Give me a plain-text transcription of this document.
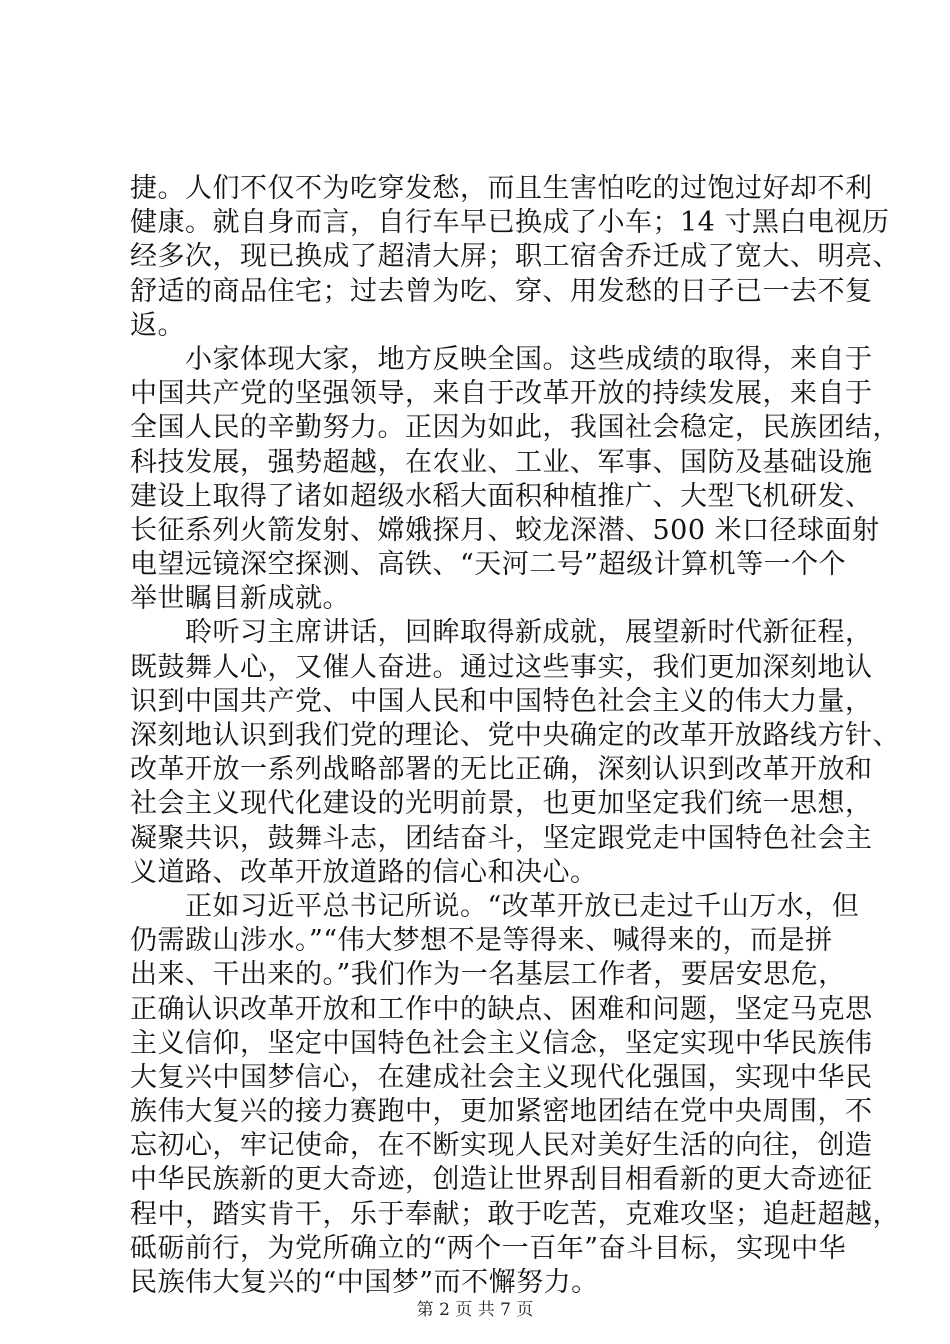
捷。人们不仅不为吃穿发愁，而且生害怕吃的过饱过好却不利
健康。就自身而言，自行车早已换成了小车；14 寸黑白电视历
经多次，现已换成了超清大屏；职工宿舍乔迁成了宽大、明亮、
舒适的商品住宅；过去曾为吃、穿、用发愁的日子已一去不复
返。
　　小家体现大家，地方反映全国。这些成绩的取得，来自于
中国共产党的坚强领导，来自于改革开放的持续发展，来自于
全国人民的辛勤努力。正因为如此，我国社会稳定，民族团结，
科技发展，强势超越，在农业、工业、军事、国防及基础设施
建设上取得了诸如超级水稻大面积种植推广、大型飞机研发、
长征系列火箭发射、嫦娥探月、蛟龙深潜、500 米口径球面射
电望远镜深空探测、高铁、“天河二号”超级计算机等一个个
举世瞩目新成就。
　　聆听习主席讲话，回眸取得新成就，展望新时代新征程，
既鼓舞人心，又催人奋进。通过这些事实，我们更加深刻地认
识到中国共产党、中国人民和中国特色社会主义的伟大力量，
深刻地认识到我们党的理论、党中央确定的改革开放路线方针、
改革开放一系列战略部署的无比正确，深刻认识到改革开放和
社会主义现代化建设的光明前景，也更加坚定我们统一思想，
凝聚共识，鼓舞斗志，团结奋斗，坚定跟党走中国特色社会主
义道路、改革开放道路的信心和决心。
　　正如习近平总书记所说。“改革开放已走过千山万水，但
仍需跋山涉水。”“伟大梦想不是等得来、喊得来的，而是拼
出来、干出来的。”我们作为一名基层工作者，要居安思危，
正确认识改革开放和工作中的缺点、困难和问题，坚定马克思
主义信仰，坚定中国特色社会主义信念，坚定实现中华民族伟
大复兴中国梦信心，在建成社会主义现代化强国，实现中华民
族伟大复兴的接力赛跑中，更加紧密地团结在党中央周围，不
忘初心，牢记使命，在不断实现人民对美好生活的向往，创造
中华民族新的更大奇迹，创造让世界刮目相看新的更大奇迹征
程中，踏实肯干，乐于奉献；敢于吃苦，克难攻坚；追赶超越，
砥砺前行，为党所确立的“两个一百年”奋斗目标，实现中华
民族伟大复兴的“中国梦”而不懈努力。
第 2 页 共 7 页
